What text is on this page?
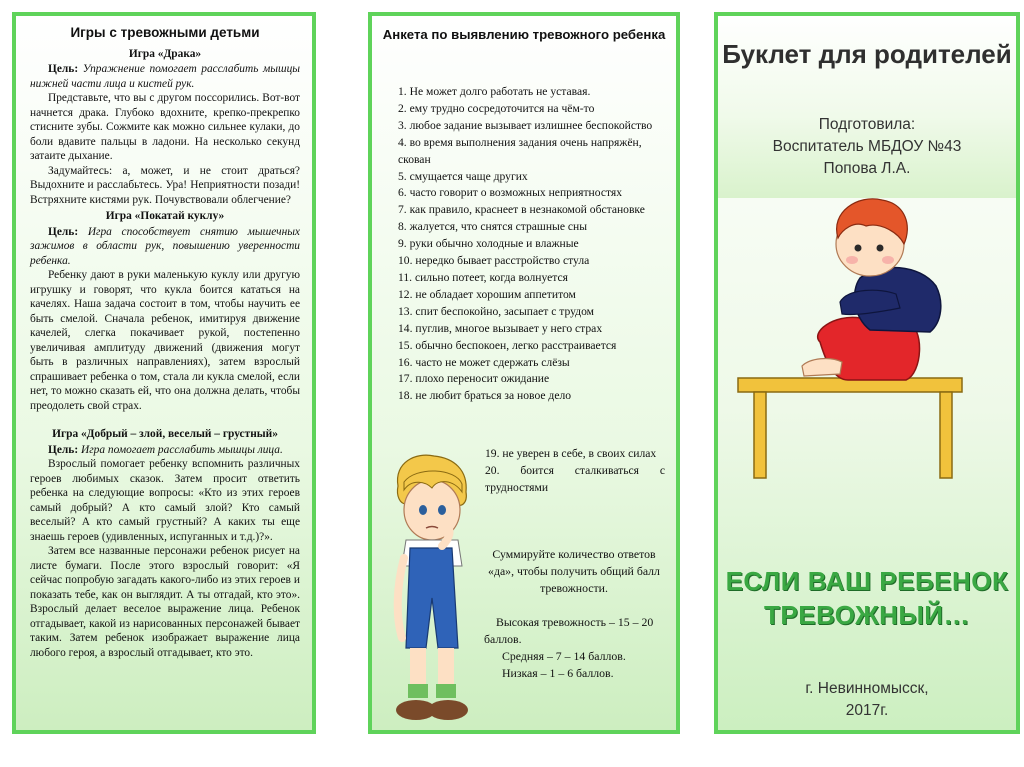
Игры с тревожными детьми
Игра «Драка»
Цель: Упражнение помогает расслабить мышцы нижней части лица и кистей рук.

Представьте, что вы с другом поссорились. Вот-вот начнется драка. Глубоко вдохните, крепко-прекрепко стисните зубы. Сожмите как можно сильнее кулаки, до боли вдавите пальцы в ладони. На несколько секунд затаите дыхание.

Задумайтесь: а, может, и не стоит драться? Выдохните и расслабьтесь. Ура! Неприятности позади! Встряхните кистями рук. Почувствовали облегчение?

Игра «Покатай куклу»
Цель: Игра способствует снятию мышечных зажимов в области рук, повышению уверенности ребенка.

Ребенку дают в руки маленькую куклу или другую игрушку и говорят, что кукла боится кататься на качелях. Наша задача состоит в том, чтобы научить ее быть смелой. Сначала ребенок, имитируя движение качелей, слегка покачивает рукой, постепенно увеличивая амплитуду движений (движения могут быть в различных направлениях), затем взрослый спрашивает ребенка о том, стала ли кукла смелой, если нет, то можно сказать ей, что она должна делать, чтобы преодолеть свой страх.

Игра «Добрый – злой, веселый – грустный»
Цель: Игра помогает расслабить мышцы лица.

Взрослый помогает ребенку вспомнить различных героев любимых сказок. Затем просит ответить ребенка на следующие вопросы: «Кто из этих героев самый добрый? А кто самый злой? Кто самый веселый? А кто самый грустный? А каких ты еще знаешь героев (удивленных, испуганных и т.д.)?».

Затем все названные персонажи ребенок рисует на листе бумаги. После этого взрослый говорит: «Я сейчас попробую загадать какого-либо из этих героев и показать тебе, как он выглядит. А ты отгадай, кто это». Взрослый делает веселое выражение лица. Ребенок отгадывает, какой из нарисованных персонажей бывает таким. Затем ребенок изображает выражение лица любого героя, а взрослый отгадывает, кто это.

Анкета по выявлению тревожного ребенка
1. Не может долго работать не уставая.
2. ему трудно сосредоточится на чём-то
3. любое задание вызывает излишнее беспокойство
4. во время выполнения задания очень напряжён, скован
5. смущается чаще других
6. часто говорит о возможных неприятностях
7. как правило, краснеет в незнакомой обстановке
8. жалуется, что снятся страшные сны
9. руки обычно холодные и влажные
10. нередко бывает расстройство стула
11. сильно потеет, когда волнуется
12. не обладает хорошим аппетитом
13. спит беспокойно, засыпает с трудом
14. пуглив, многое вызывает у него страх
15. обычно беспокоен, легко расстраивается
16. часто не может сдержать слёзы
17. плохо переносит ожидание
18. не любит браться за новое дело
19. не уверен в себе, в своих силах
20. боится сталкиваться с трудностями
Суммируйте количество ответов «да», чтобы получить общий балл тревожности.
Высокая тревожность – 15 – 20 баллов.
Средняя – 7 – 14 баллов.
Низкая – 1 – 6 баллов.
Буклет для родителей
Подготовила:
Воспитатель МБДОУ №43
Попова Л.А.
ЕСЛИ ВАШ РЕБЕНОК ТРЕВОЖНЫЙ…
г. Невинномысск,
2017г.
